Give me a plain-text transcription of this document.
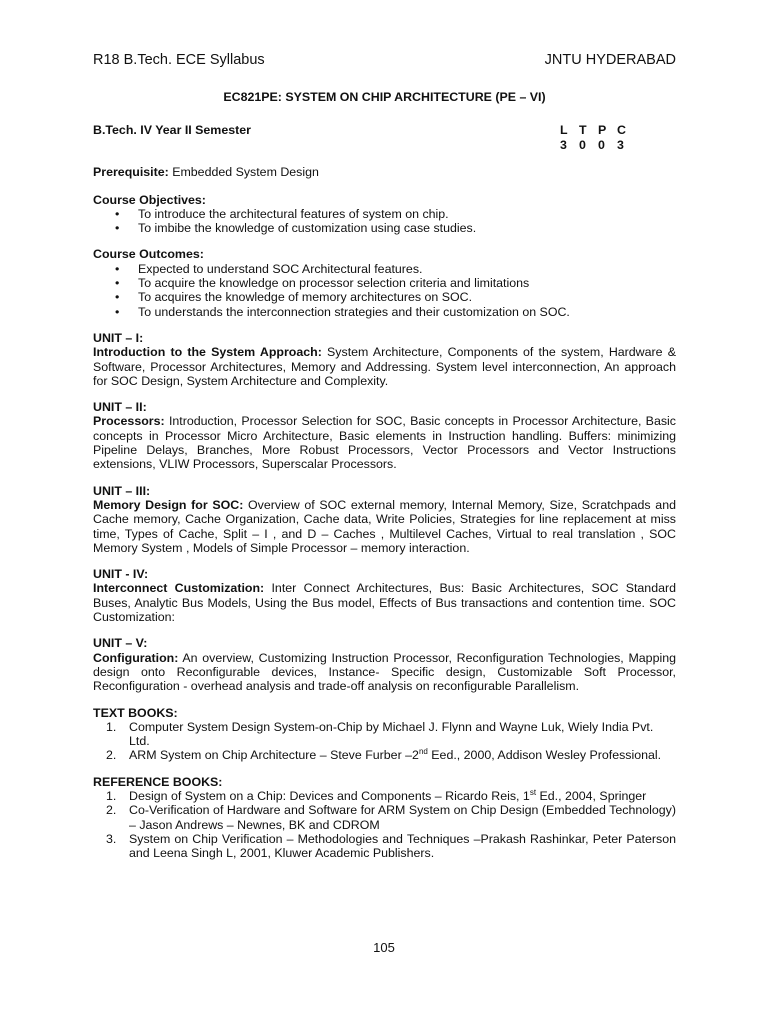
R18 B.Tech. ECE Syllabus	JNTU HYDERABAD
EC821PE: SYSTEM ON CHIP ARCHITECTURE (PE – VI)
B.Tech. IV Year II Semester	L T P C
3 0 0 3
Prerequisite: Embedded System Design
Course Objectives:
• To introduce the architectural features of system on chip.
• To imbibe the knowledge of customization using case studies.
Course Outcomes:
• Expected to understand SOC Architectural features.
• To acquire the knowledge on processor selection criteria and limitations
• To acquires the knowledge of memory architectures on SOC.
• To understands the interconnection strategies and their customization on SOC.
UNIT – I:
Introduction to the System Approach: System Architecture, Components of the system, Hardware & Software, Processor Architectures, Memory and Addressing. System level interconnection, An approach for SOC Design, System Architecture and Complexity.
UNIT – II:
Processors: Introduction, Processor Selection for SOC, Basic concepts in Processor Architecture, Basic concepts in Processor Micro Architecture, Basic elements in Instruction handling. Buffers: minimizing Pipeline Delays, Branches, More Robust Processors, Vector Processors and Vector Instructions extensions, VLIW Processors, Superscalar Processors.
UNIT – III:
Memory Design for SOC: Overview of SOC external memory, Internal Memory, Size, Scratchpads and Cache memory, Cache Organization, Cache data, Write Policies, Strategies for line replacement at miss time, Types of Cache, Split – I , and D – Caches , Multilevel Caches, Virtual to real translation , SOC Memory System , Models of Simple Processor – memory interaction.
UNIT - IV:
Interconnect Customization: Inter Connect Architectures, Bus: Basic Architectures, SOC Standard Buses, Analytic Bus Models, Using the Bus model, Effects of Bus transactions and contention time. SOC Customization:
UNIT – V:
Configuration: An overview, Customizing Instruction Processor, Reconfiguration Technologies, Mapping design onto Reconfigurable devices, Instance- Specific design, Customizable Soft Processor, Reconfiguration - overhead analysis and trade-off analysis on reconfigurable Parallelism.
TEXT BOOKS:
1. Computer System Design System-on-Chip by Michael J. Flynn and Wayne Luk, Wiely India Pvt. Ltd.
2. ARM System on Chip Architecture – Steve Furber –2nd Eed., 2000, Addison Wesley Professional.
REFERENCE BOOKS:
1. Design of System on a Chip: Devices and Components – Ricardo Reis, 1st Ed., 2004, Springer
2. Co-Verification of Hardware and Software for ARM System on Chip Design (Embedded Technology) – Jason Andrews – Newnes, BK and CDROM
3. System on Chip Verification – Methodologies and Techniques –Prakash Rashinkar, Peter Paterson and Leena Singh L, 2001, Kluwer Academic Publishers.
105
